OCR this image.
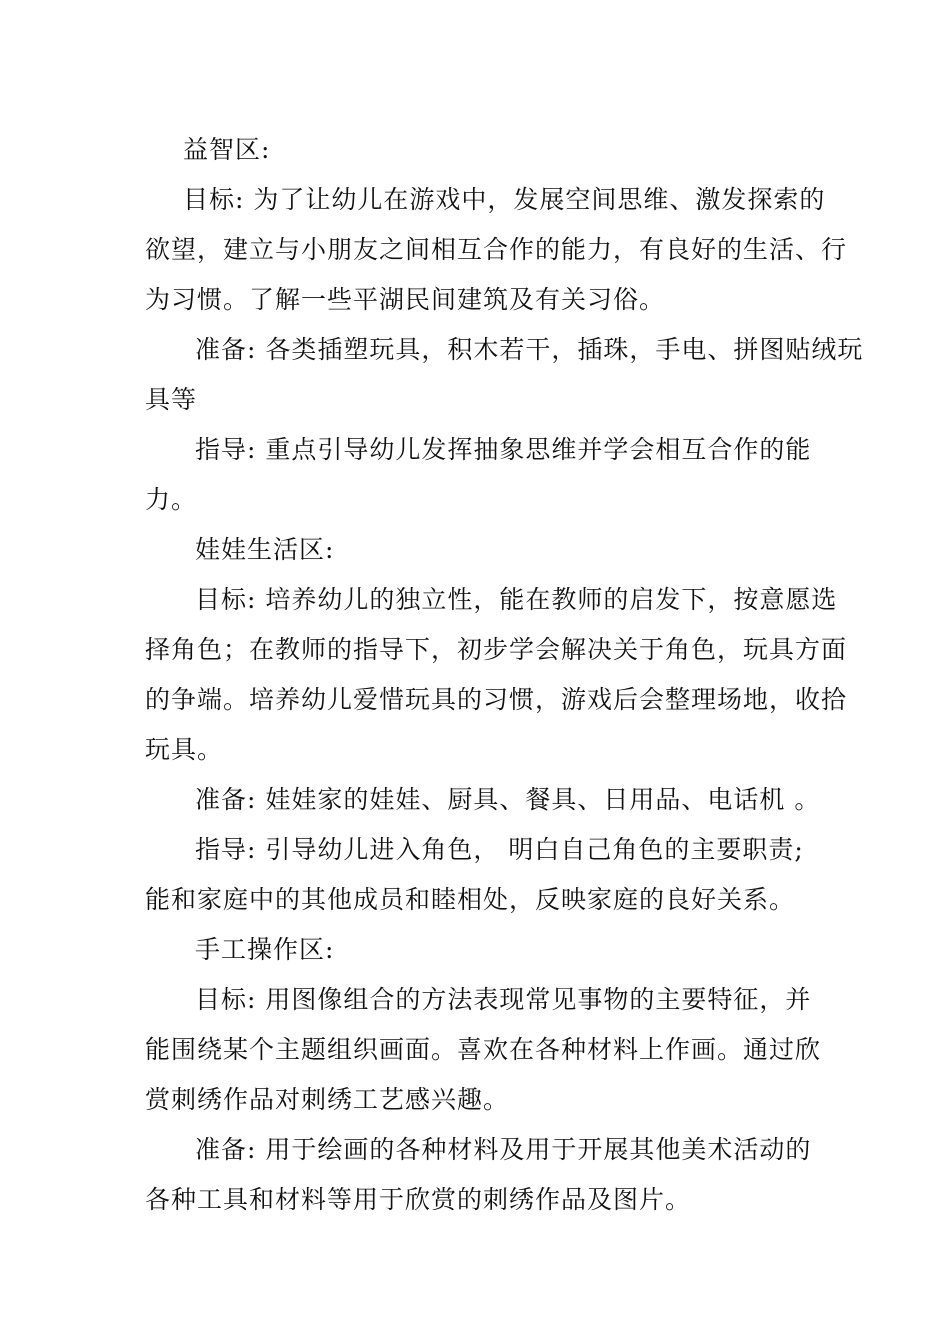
益智区:
目标: 为了让幼儿在游戏中，发展空间思维、激发探索的
欲望，建立与小朋友之间相互合作的能力，有良好的生活、行
为习惯。了解一些平湖民间建筑及有关习俗。
准备: 各类插塑玩具，积木若干，插珠，手电、拼图贴绒玩
具等
指导: 重点引导幼儿发挥抽象思维并学会相互合作的能
力。
娃娃生活区:
目标: 培养幼儿的独立性，能在教师的启发下，按意愿选
择角色；在教师的指导下，初步学会解决关于角色，玩具方面
的争端。培养幼儿爱惜玩具的习惯，游戏后会整理场地，收拾
玩具。
准备: 娃娃家的娃娃、厨具、餐具、日用品、电话机 。
指导: 引导幼儿进入角色， 明白自己角色的主要职责;
能和家庭中的其他成员和睦相处，反映家庭的良好关系。
手工操作区:
目标: 用图像组合的方法表现常见事物的主要特征，并
能围绕某个主题组织画面。喜欢在各种材料上作画。通过欣
赏刺绣作品对刺绣工艺感兴趣。
准备: 用于绘画的各种材料及用于开展其他美术活动的
各种工具和材料等用于欣赏的刺绣作品及图片。
